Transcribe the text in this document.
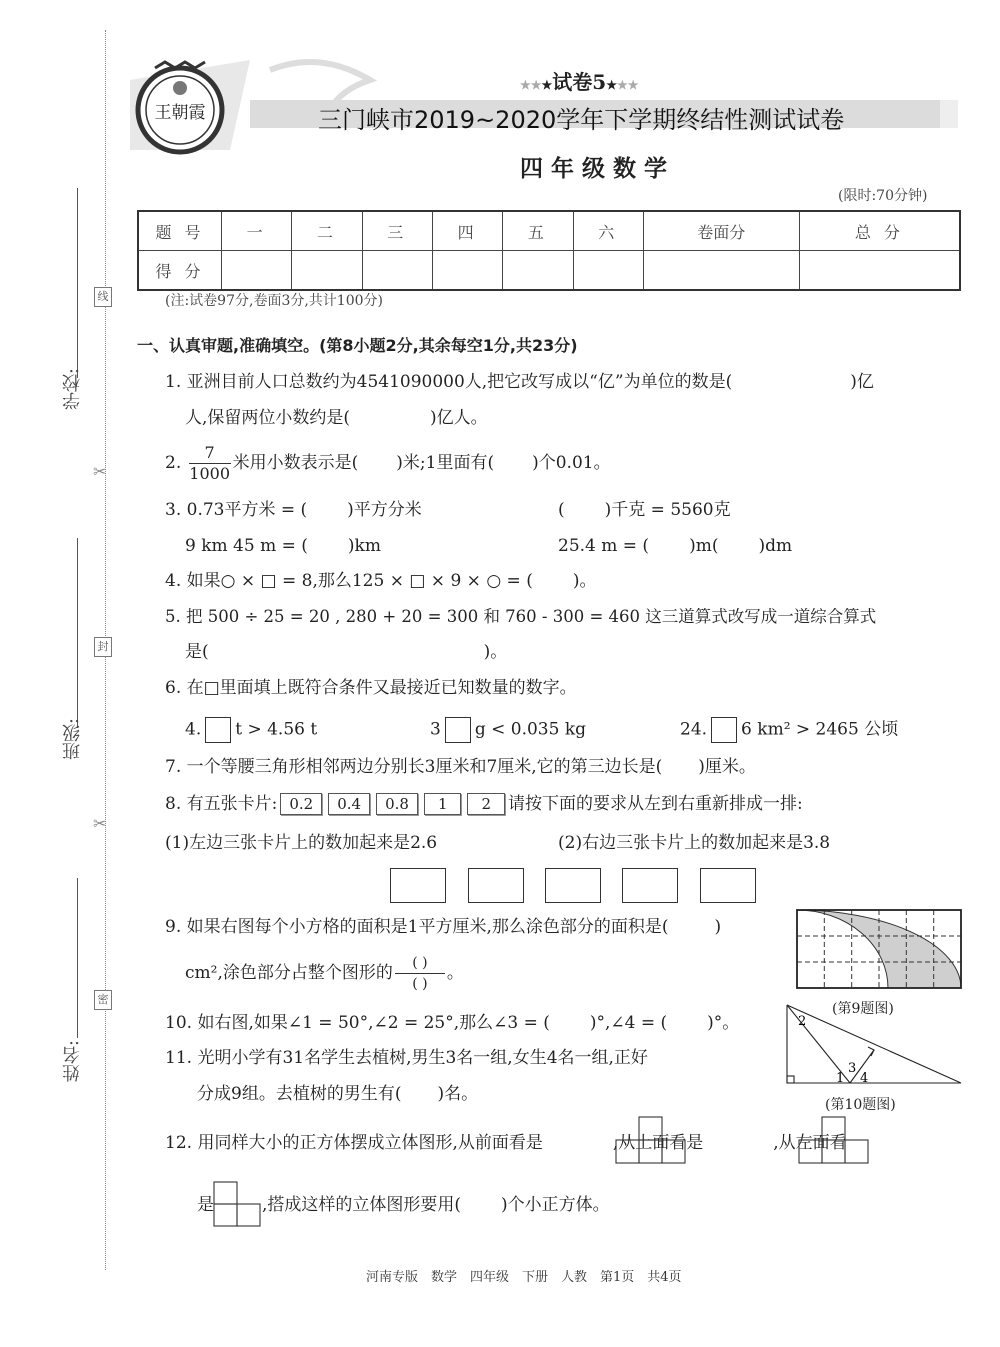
学校:
班级:
姓名:
线
封
密
✂
✂
王朝霞
★★★试卷5★★★
三门峡市2019~2020学年下学期终结性测试试卷
四 年 级 数 学
(限时:70分钟)
题 号	一	二	三	四	五	六	卷面分	总 分
得 分								
(注:试卷97分,卷面3分,共计100分)
一、认真审题,准确填空。(第8小题2分,其余每空1分,共23分)
1. 亚洲目前人口总数约为4541090000人,把它改写成以“亿”为单位的数是(	)亿
人,保留两位小数约是(	)亿人。
2. $\frac{7}{1000}$ 米用小数表示是( )米;1里面有( )个0.01。
3. 0.73平方米 = ( )平方分米	( )千克 = 5560克
9 km 45 m = ( )km	25.4 m = ( )m( )dm
4. 如果○ × □ = 8,那么125 × □ × 9 × ○ = ( )。
5. 把 500 ÷ 25 = 20 , 280 + 20 = 300 和 760 - 300 = 460 这三道算式改写成一道综合算式
是(	)。
6. 在□里面填上既符合条件又最接近已知数量的数字。
4. t > 4.56 t	3 g < 0.035 kg	24. 6 km² > 2465 公顷
7. 一个等腰三角形相邻两边分别长3厘米和7厘米,它的第三边长是( )厘米。
8. 有五张卡片: 0.2 0.4 0.8 1 2 请按下面的要求从左到右重新排成一排:
(1)左边三张卡片上的数加起来是2.6	(2)右边三张卡片上的数加起来是3.8
9. 如果右图每个小方格的面积是1平方厘米,那么涂色部分的面积是(	)
cm²,涂色部分占整个图形的 $\frac{( )}{( )}$ 。
(第9题图)
10. 如右图,如果∠1 = 50°,∠2 = 25°,那么∠3 = ( )°,∠4 = ( )°。	2
1
3
4
(第10题图)
11. 光明小学有31名学生去植树,男生3名一组,女生4名一组,正好
分成9组。去植树的男生有( )名。
12. 用同样大小的正方体摆成立体图形,从前面看是	,从上面看是	,从左面看
是	,搭成这样的立体图形要用( )个小正方体。
河南专版　数学　四年级　下册　人教　第1页　共4页
